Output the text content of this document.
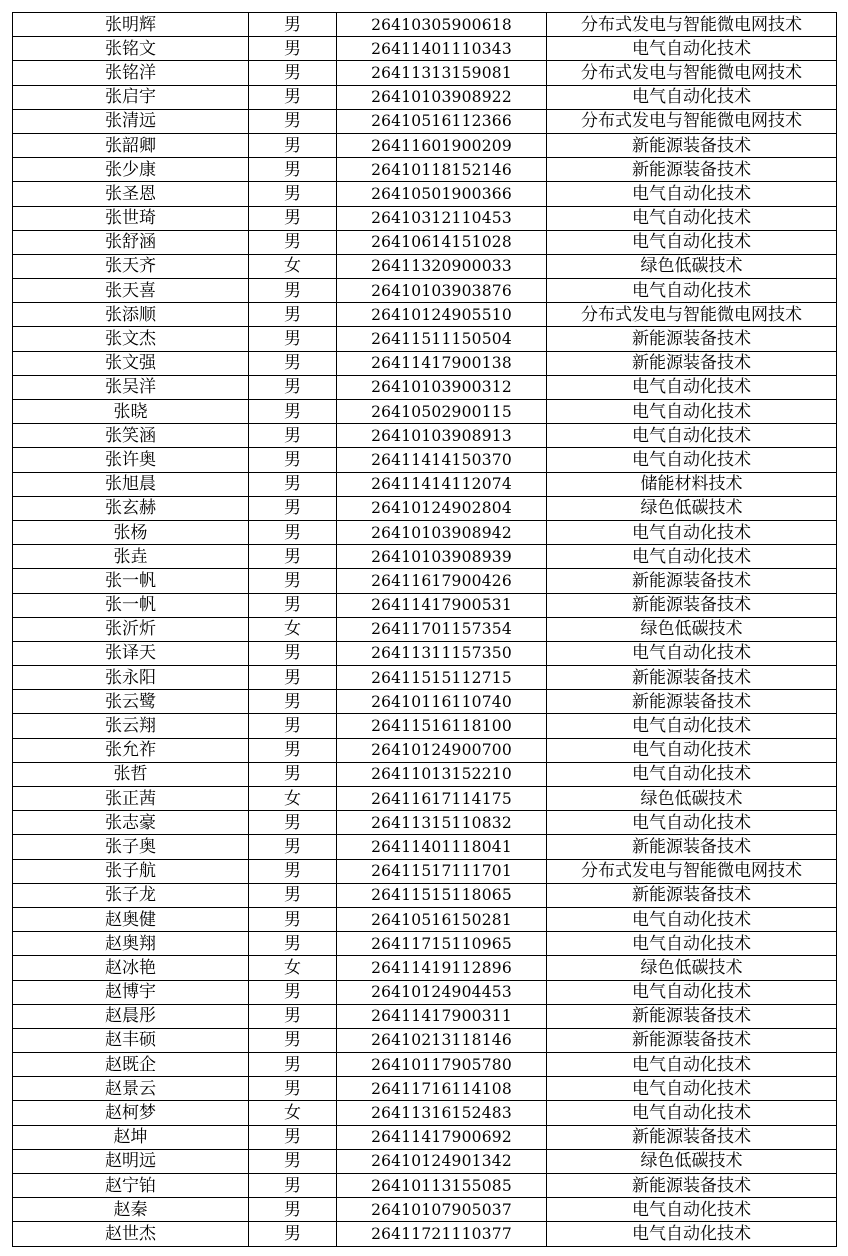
张明辉	男	26410305900618	分布式发电与智能微电网技术
张铭文	男	26411401110343	电气自动化技术
张铭洋	男	26411313159081	分布式发电与智能微电网技术
张启宇	男	26410103908922	电气自动化技术
张清远	男	26410516112366	分布式发电与智能微电网技术
张韶卿	男	26411601900209	新能源装备技术
张少康	男	26410118152146	新能源装备技术
张圣恩	男	26410501900366	电气自动化技术
张世琦	男	26410312110453	电气自动化技术
张舒涵	男	26410614151028	电气自动化技术
张天齐	女	26411320900033	绿色低碳技术
张天喜	男	26410103903876	电气自动化技术
张添顺	男	26410124905510	分布式发电与智能微电网技术
张文杰	男	26411511150504	新能源装备技术
张文强	男	26411417900138	新能源装备技术
张吴洋	男	26410103900312	电气自动化技术
张晓	男	26410502900115	电气自动化技术
张笑涵	男	26410103908913	电气自动化技术
张许奥	男	26411414150370	电气自动化技术
张旭晨	男	26411414112074	储能材料技术
张玄赫	男	26410124902804	绿色低碳技术
张杨	男	26410103908942	电气自动化技术
张垚	男	26410103908939	电气自动化技术
张一帆	男	26411617900426	新能源装备技术
张一帆	男	26411417900531	新能源装备技术
张沂炘	女	26411701157354	绿色低碳技术
张译天	男	26411311157350	电气自动化技术
张永阳	男	26411515112715	新能源装备技术
张云鹭	男	26410116110740	新能源装备技术
张云翔	男	26411516118100	电气自动化技术
张允祚	男	26410124900700	电气自动化技术
张哲	男	26411013152210	电气自动化技术
张正茜	女	26411617114175	绿色低碳技术
张志豪	男	26411315110832	电气自动化技术
张子奥	男	26411401118041	新能源装备技术
张子航	男	26411517111701	分布式发电与智能微电网技术
张子龙	男	26411515118065	新能源装备技术
赵奥健	男	26410516150281	电气自动化技术
赵奥翔	男	26411715110965	电气自动化技术
赵冰艳	女	26411419112896	绿色低碳技术
赵博宇	男	26410124904453	电气自动化技术
赵晨彤	男	26411417900311	新能源装备技术
赵丰硕	男	26410213118146	新能源装备技术
赵既企	男	26410117905780	电气自动化技术
赵景云	男	26411716114108	电气自动化技术
赵柯梦	女	26411316152483	电气自动化技术
赵坤	男	26411417900692	新能源装备技术
赵明远	男	26410124901342	绿色低碳技术
赵宁铂	男	26410113155085	新能源装备技术
赵秦	男	26410107905037	电气自动化技术
赵世杰	男	26411721110377	电气自动化技术
